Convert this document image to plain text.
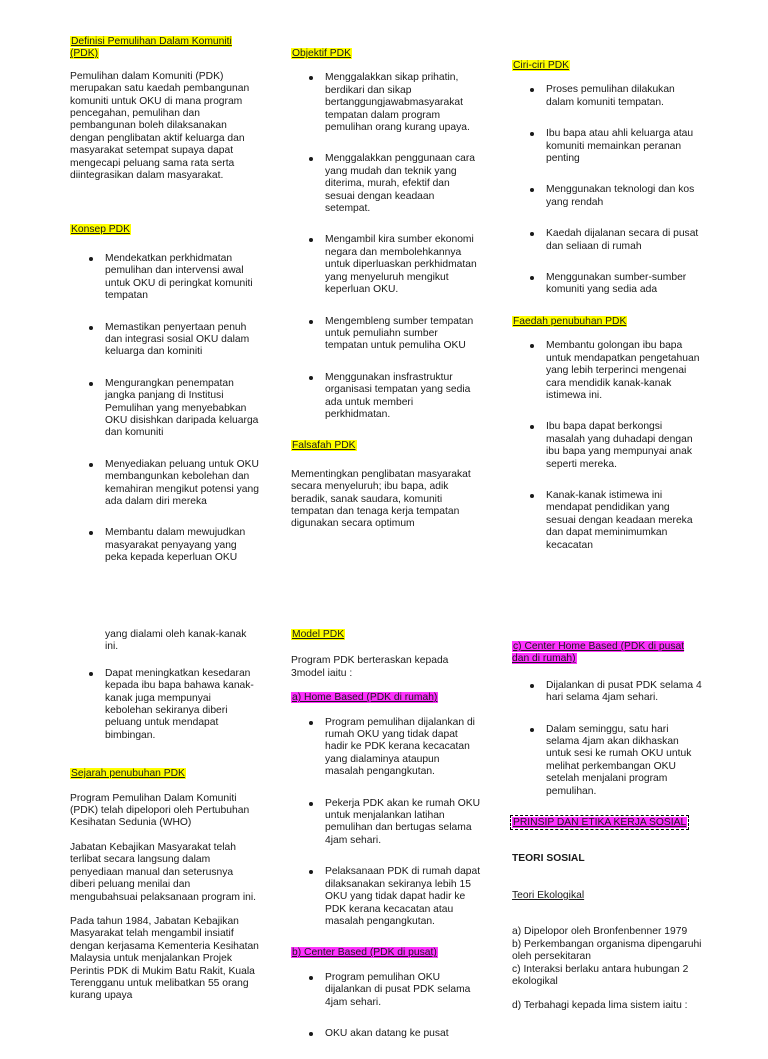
Definisi Pemulihan Dalam Komuniti (PDK)

Pemulihan dalam Komuniti (PDK) merupakan satu kaedah pembangunan komuniti untuk OKU di mana program pencegahan, pemulihan dan pembangunan boleh dilaksanakan dengan penglibatan aktif keluarga dan masyarakat setempat supaya dapat mengecapi peluang sama rata serta diintegrasikan dalam masyarakat.

Konsep PDK
Mendekatkan perkhidmatan pemulihan dan intervensi awal untuk OKU di peringkat komuniti tempatan
Memastikan penyertaan penuh dan integrasi sosial OKU dalam keluarga dan kominiti
Mengurangkan penempatan jangka panjang di Institusi Pemulihan yang menyebabkan OKU disishkan daripada keluarga dan komuniti
Menyediakan peluang untuk OKU membangunkan kebolehan dan kemahiran mengikut potensi yang ada dalam diri mereka
Membantu dalam mewujudkan masyarakat penyayang yang peka kepada keperluan OKU
Objektif PDK
Menggalakkan sikap prihatin, berdikari dan sikap bertanggungjawabmasyarakat tempatan dalam program pemulihan orang kurang upaya.
Menggalakkan penggunaan cara yang mudah dan teknik yang diterima, murah, efektif dan sesuai dengan keadaan setempat.
Mengambil kira sumber ekonomi negara dan membolehkannya untuk diperluaskan perkhidmatan yang menyeluruh mengikut keperluan OKU.
Mengembleng sumber tempatan untuk pemuliahn sumber tempatan untuk pemuliha OKU
Menggunakan insfrastruktur organisasi tempatan yang sedia ada untuk memberi perkhidmatan.
Falsafah PDK

Mementingkan penglibatan masyarakat secara menyeluruh; ibu bapa, adik beradik, sanak saudara, komuniti tempatan dan tenaga kerja tempatan digunakan secara optimum

Ciri-ciri PDK
Proses pemulihan dilakukan dalam komuniti tempatan.
Ibu bapa atau ahli keluarga atau komuniti memainkan peranan penting
Menggunakan teknologi dan kos yang rendah
Kaedah dijalanan secara di pusat dan seliaan di rumah
Menggunakan sumber-sumber komuniti yang sedia ada
Faedah penubuhan PDK
Membantu golongan ibu bapa untuk mendapatkan pengetahuan yang lebih terperinci mengenai cara mendidik kanak-kanak istimewa ini.
Ibu bapa dapat berkongsi masalah yang duhadapi dengan ibu bapa yang mempunyai anak seperti mereka.
Kanak-kanak istimewa ini mendapat pendidikan yang sesuai dengan keadaan mereka dan dapat meminimumkan kecacatan
yang dialami oleh kanak-kanak ini.
Dapat meningkatkan kesedaran kepada ibu bapa bahawa kanak-kanak juga mempunyai kebolehan sekiranya diberi peluang untuk mendapat bimbingan.
Sejarah penubuhan PDK

Program Pemulihan Dalam Komuniti (PDK) telah dipelopori oleh Pertubuhan Kesihatan Sedunia (WHO)

Jabatan Kebajikan Masyarakat telah terlibat secara langsung dalam penyediaan manual dan seterusnya diberi peluang menilai dan mengubahsuai pelaksanaan program ini.

Pada tahun 1984, Jabatan Kebajikan Masyarakat telah mengambil insiatif dengan kerjasama Kementeria Kesihatan Malaysia untuk menjalankan Projek Perintis PDK di Mukim Batu Rakit, Kuala Terengganu untuk melibatkan 55 orang kurang upaya

Model PDK

Program PDK berteraskan kepada 3model iaitu :

a) Home Based (PDK di rumah)
Program pemulihan dijalankan di rumah OKU yang tidak dapat hadir ke PDK kerana kecacatan yang dialaminya ataupun masalah pengangkutan.
Pekerja PDK akan ke rumah OKU untuk menjalankan latihan pemulihan dan bertugas selama 4jam sehari.
Pelaksanaan PDK di rumah dapat dilaksanakan sekiranya lebih 15 OKU yang tidak dapat hadir ke PDK kerana kecacatan atau masalah pengangkutan.
b) Center Based (PDK di pusat)
Program pemulihan OKU dijalankan di pusat PDK selama 4jam sehari.
OKU akan datang ke pusat
c) Center Home Based (PDK di pusat dan di rumah)
Dijalankan di pusat PDK selama 4 hari selama 4jam sehari.
Dalam seminggu, satu hari selama 4jam akan dikhaskan untuk sesi ke rumah OKU untuk melihat perkembangan OKU setelah menjalani program pemulihan.
PRINSIP DAN ETIKA KERJA SOSIAL
TEORI SOSIAL
Teori Ekologikal
a) Dipelopor oleh Bronfenbenner 1979
b) Perkembangan organisma dipengaruhi oleh persekitaran
c) Interaksi berlaku antara hubungan 2 ekologikal
d) Terbahagi kepada lima sistem iaitu :
